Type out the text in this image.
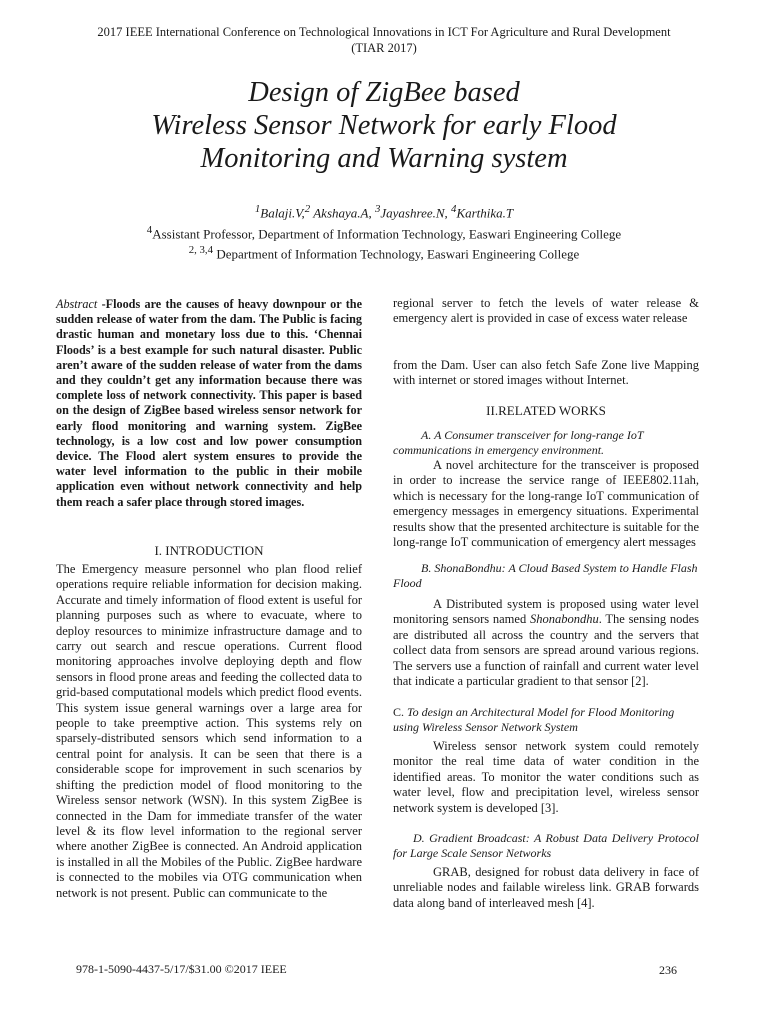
2017 IEEE International Conference on Technological Innovations in ICT For Agriculture and Rural Development
(TIAR 2017)
Design of ZigBee based
Wireless Sensor Network for early Flood
Monitoring and Warning system
$^1$Balaji.V,$^2$ Akshaya.A, $^3$Jayashree.N, $^4$Karthika.T
$^4$Assistant Professor, Department of Information Technology, Easwari Engineering College
$^{2, 3,4}$ Department of Information Technology, Easwari Engineering College
Abstract -Floods are the causes of heavy downpour or the sudden release of water from the dam. The Public is facing drastic human and monetary loss due to this. ‘Chennai Floods’ is a best example for such natural disaster. Public aren’t aware of the sudden release of water from the dams and they couldn’t get any information because there was complete loss of network connectivity. This paper is based on the design of ZigBee based wireless sensor network for early flood monitoring and warning system. ZigBee technology, is a low cost and low power consumption device. The Flood alert system ensures to provide the water level information to the public in their mobile application even without network connectivity and help them reach a safer place through stored images.
I. INTRODUCTION
The Emergency measure personnel who plan flood relief operations require reliable information for decision making. Accurate and timely information of flood extent is useful for planning purposes such as where to evacuate, where to deploy resources to minimize infrastructure damage and to carry out search and rescue operations. Current flood monitoring approaches involve deploying depth and flow sensors in flood prone areas and feeding the collected data to grid-based computational models which predict flood events. This system issue general warnings over a large area for people to take preemptive action. This systems rely on sparsely-distributed sensors which send information to a central point for analysis. It can be seen that there is a considerable scope for improvement in such scenarios by shifting the prediction model of flood monitoring to the Wireless sensor network (WSN). In this system ZigBee is connected in the Dam for immediate transfer of the water level & its flow level information to the regional server where another ZigBee is connected. An Android application is installed in all the Mobiles of the Public. ZigBee hardware is connected to the mobiles via OTG communication when network is not present. Public can communicate to the
regional server to fetch the levels of water release & emergency alert is provided in case of excess water release
from the Dam. User can also fetch Safe Zone live Mapping with internet or stored images without Internet.
II.RELATED WORKS
A. A Consumer transceiver for long-range IoT communications in emergency environment.
A novel architecture for the transceiver is proposed in order to increase the service range of IEEE802.11ah, which is necessary for the long-range IoT communication of emergency messages in emergency situations. Experimental results show that the presented architecture is suitable for the long-range IoT communication of emergency alert messages
B. ShonaBondhu: A Cloud Based System to Handle Flash Flood
A Distributed system is proposed using water level monitoring sensors named Shonabondhu. The sensing nodes are distributed all across the country and the servers that collect data from sensors are spread around various regions. The servers use a function of rainfall and current water level that indicate a particular gradient to that sensor [2].
C. To design an Architectural Model for Flood Monitoring using Wireless Sensor Network System
Wireless sensor network system could remotely monitor the real time data of water condition in the identified areas. To monitor the water conditions such as water level, flow and precipitation level, wireless sensor network system is developed [3].
D. Gradient Broadcast: A Robust Data Delivery Protocol for Large Scale Sensor Networks
GRAB, designed for robust data delivery in face of unreliable nodes and failable wireless link. GRAB forwards data along band of interleaved mesh [4].
978-1-5090-4437-5/17/$31.00 ©2017 IEEE	236
